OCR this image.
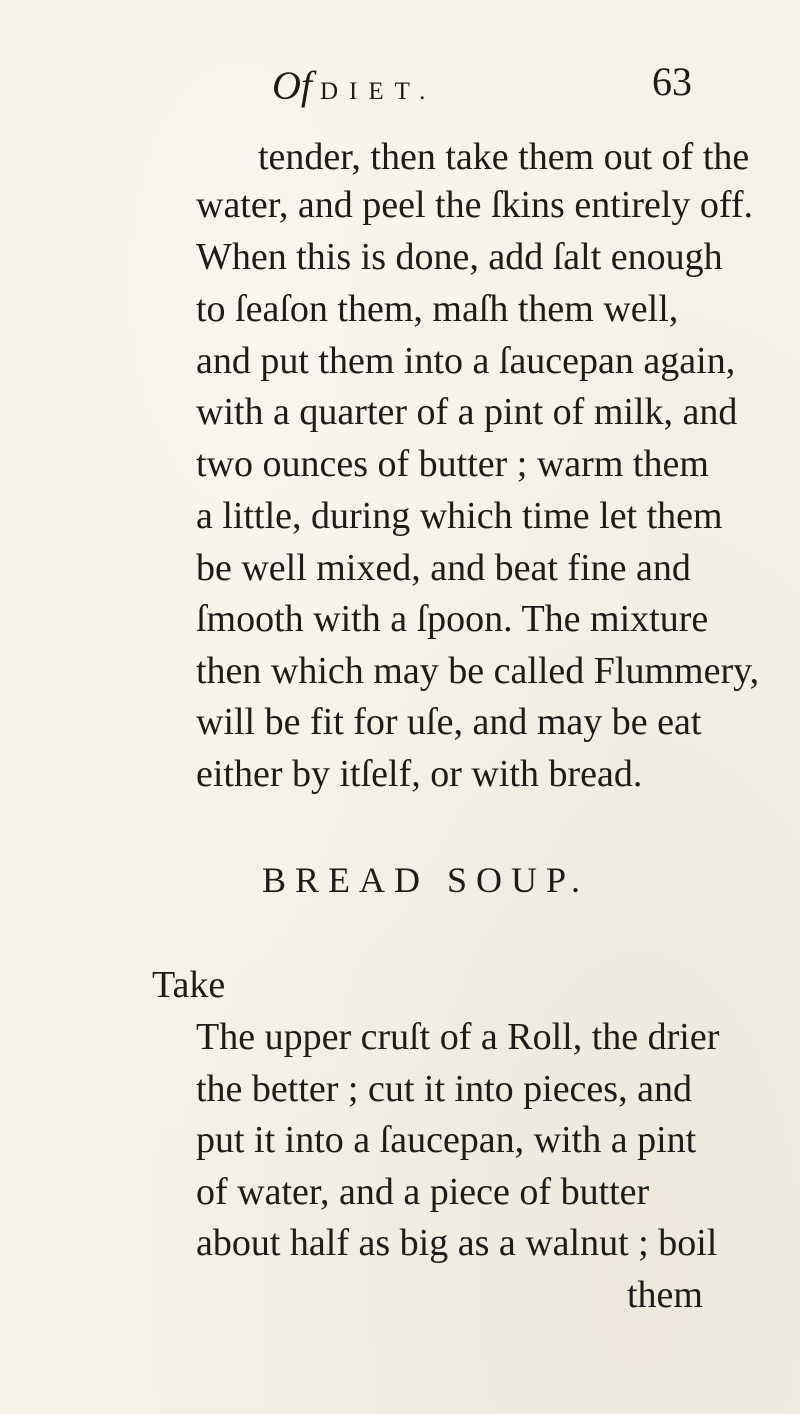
Of DIET.	63
tender, then take them out of the
water, and peel the ſkins entirely off.
When this is done, add ſalt enough
to ſeaſon them, maſh them well,
and put them into a ſaucepan again,
with a quarter of a pint of milk, and
two ounces of butter ; warm them
a little, during which time let them
be well mixed, and beat fine and
ſmooth with a ſpoon. The mixture
then which may be called Flummery,
will be fit for uſe, and may be eat
either by itſelf, or with bread.
BREAD SOUP.
Take
The upper cruſt of a Roll, the drier
the better ; cut it into pieces, and
put it into a ſaucepan, with a pint
of water, and a piece of butter
about half as big as a walnut ; boil
them
